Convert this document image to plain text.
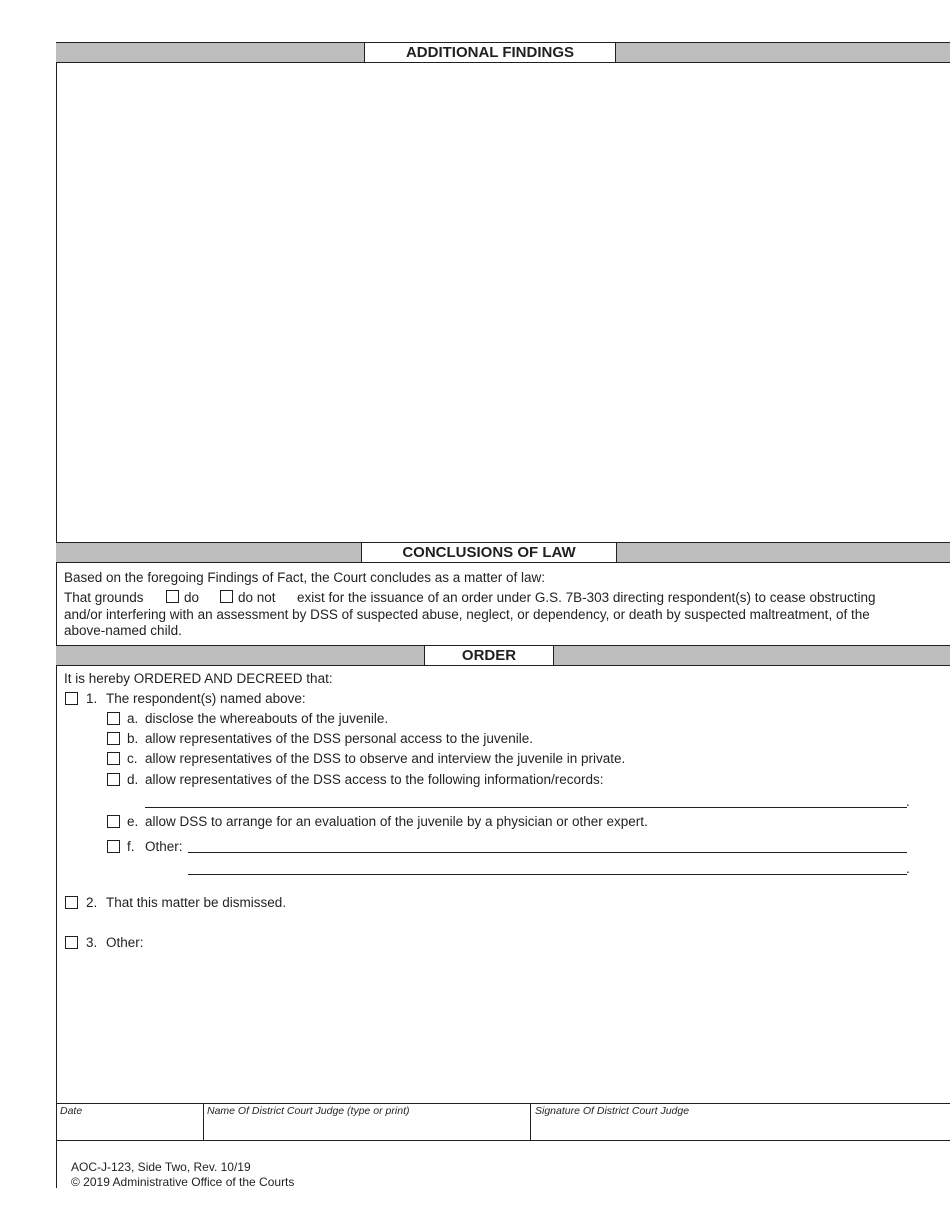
ADDITIONAL FINDINGS
CONCLUSIONS OF LAW
Based on the foregoing Findings of Fact, the Court concludes as a matter of law:
That grounds	do	do not exist for the issuance of an order under G.S. 7B-303 directing respondent(s) to cease obstructing
and/or interfering with an assessment by DSS of suspected abuse, neglect, or dependency, or death by suspected maltreatment, of the
above-named child.
ORDER
It is hereby ORDERED AND DECREED that:
1. The respondent(s) named above:
a. disclose the whereabouts of the juvenile.
b. allow representatives of the DSS personal access to the juvenile.
c. allow representatives of the DSS to observe and interview the juvenile in private.
d. allow representatives of the DSS access to the following information/records:
.
e. allow DSS to arrange for an evaluation of the juvenile by a physician or other expert.
f. Other:
.
2. That this matter be dismissed.
3. Other:
Date	Name Of District Court Judge (type or print)	Signature Of District Court Judge
AOC-J-123, Side Two, Rev. 10/19
© 2019 Administrative Office of the Courts
